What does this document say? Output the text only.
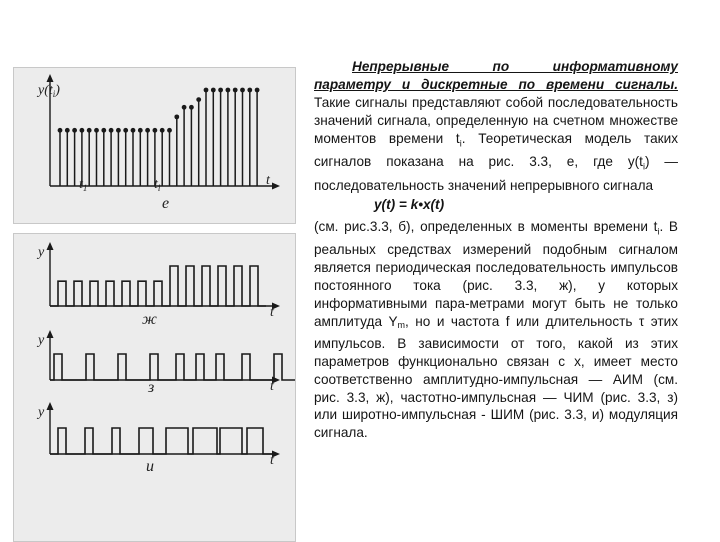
$y(t_i)$
$t_1$	$t_i$	t
е
y
t
ж
y
t
з
y
t
и

Непрерывные по информативному параметру и дискретные по времени сигналы. Такие сигналы представляют собой последовательность значений сигнала, определенную на счетном множестве моментов времени $t_i$. Теоретическая модель таких сигналов показана на рис. 3.3, е, где $y(t_i)$ — последовательность значений непрерывного сигнала

y(t) = k•x(t)

(см. рис.3.3, б), определенных в моменты времени $t_i$. В реальных средствах измерений подобным сигналом является периодическая последовательность импульсов постоянного тока (рис. 3.3, ж), у которых информативными пара-метрами могут быть не только амплитуда Ym, но и частота f или длительность τ этих импульсов. В зависимости от того, какой из этих параметров функционально связан с х, имеет место соответственно амплитудно-импульсная — АИМ (см. рис. 3.3, ж), частотно-импульсная — ЧИМ (рис. 3.3, з) или широтно-импульсная - ШИМ (рис. 3.3, и) модуляция сигнала.
